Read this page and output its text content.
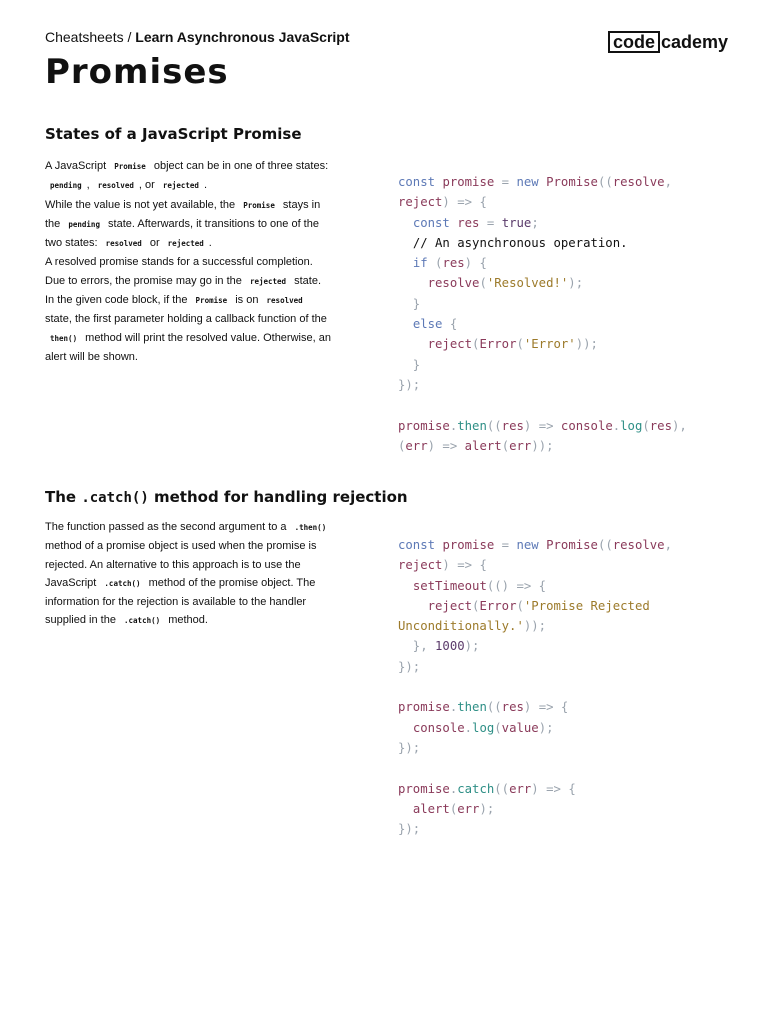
Cheatsheets / Learn Asynchronous JavaScript	code cademy
Promises
States of a JavaScript Promise

A JavaScript Promise object can be in one of three states: pending , resolved , or rejected .

While the value is not yet available, the Promise stays in the pending state. Afterwards, it transitions to one of the two states: resolved or rejected .

A resolved promise stands for a successful completion. Due to errors, the promise may go in the rejected state.

In the given code block, if the Promise is on resolved state, the first parameter holding a callback function of the then() method will print the resolved value. Otherwise, an alert will be shown.

const promise = new Promise((resolve,
reject) => {
const res = true;
// An asynchronous operation.
if (res) {
resolve('Resolved!');
}
else {
reject(Error('Error'));
}
});

promise.then((res) => console.log(res),
(err) => alert(err));
The .catch() method for handling rejection

The function passed as the second argument to a .then() method of a promise object is used when the promise is rejected. An alternative to this approach is to use the JavaScript .catch() method of the promise object. The information for the rejection is available to the handler supplied in the .catch() method.

const promise = new Promise((resolve,
reject) => {
setTimeout(() => {
reject(Error('Promise Rejected
Unconditionally.'));
}, 1000);
});

promise.then((res) => {
console.log(value);
});

promise.catch((err) => {
alert(err);
});
